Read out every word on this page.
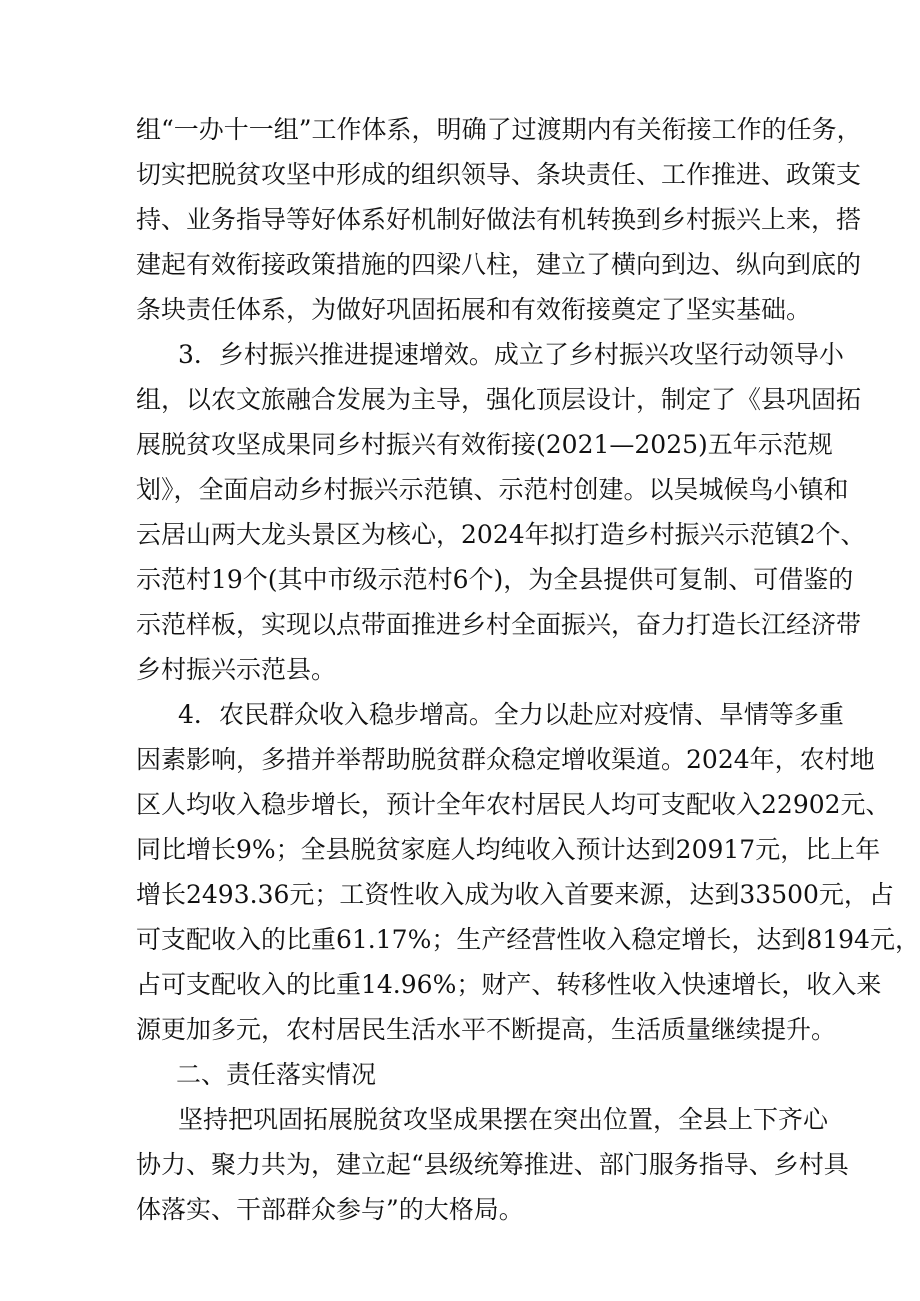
组“一办十一组”工作体系，明确了过渡期内有关衔接工作的任务，
切实把脱贫攻坚中形成的组织领导、条块责任、工作推进、政策支
持、业务指导等好体系好机制好做法有机转换到乡村振兴上来，搭
建起有效衔接政策措施的四梁八柱，建立了横向到边、纵向到底的
条块责任体系，为做好巩固拓展和有效衔接奠定了坚实基础。
3．乡村振兴推进提速增效。成立了乡村振兴攻坚行动领导小
组，以农文旅融合发展为主导，强化顶层设计，制定了《县巩固拓
展脱贫攻坚成果同乡村振兴有效衔接(2021—2025)五年示范规
划》，全面启动乡村振兴示范镇、示范村创建。以吴城候鸟小镇和
云居山两大龙头景区为核心，2024年拟打造乡村振兴示范镇2个、
示范村19个(其中市级示范村6个)，为全县提供可复制、可借鉴的
示范样板，实现以点带面推进乡村全面振兴，奋力打造长江经济带
乡村振兴示范县。
4．农民群众收入稳步增高。全力以赴应对疫情、旱情等多重
因素影响，多措并举帮助脱贫群众稳定增收渠道。2024年，农村地
区人均收入稳步增长，预计全年农村居民人均可支配收入22902元、
同比增长9%；全县脱贫家庭人均纯收入预计达到20917元，比上年
增长2493.36元；工资性收入成为收入首要来源，达到33500元，占
可支配收入的比重61.17%；生产经营性收入稳定增长，达到8194元，
占可支配收入的比重14.96%；财产、转移性收入快速增长，收入来
源更加多元，农村居民生活水平不断提高，生活质量继续提升。
二、责任落实情况
坚持把巩固拓展脱贫攻坚成果摆在突出位置，全县上下齐心
协力、聚力共为，建立起“县级统筹推进、部门服务指导、乡村具
体落实、干部群众参与”的大格局。
